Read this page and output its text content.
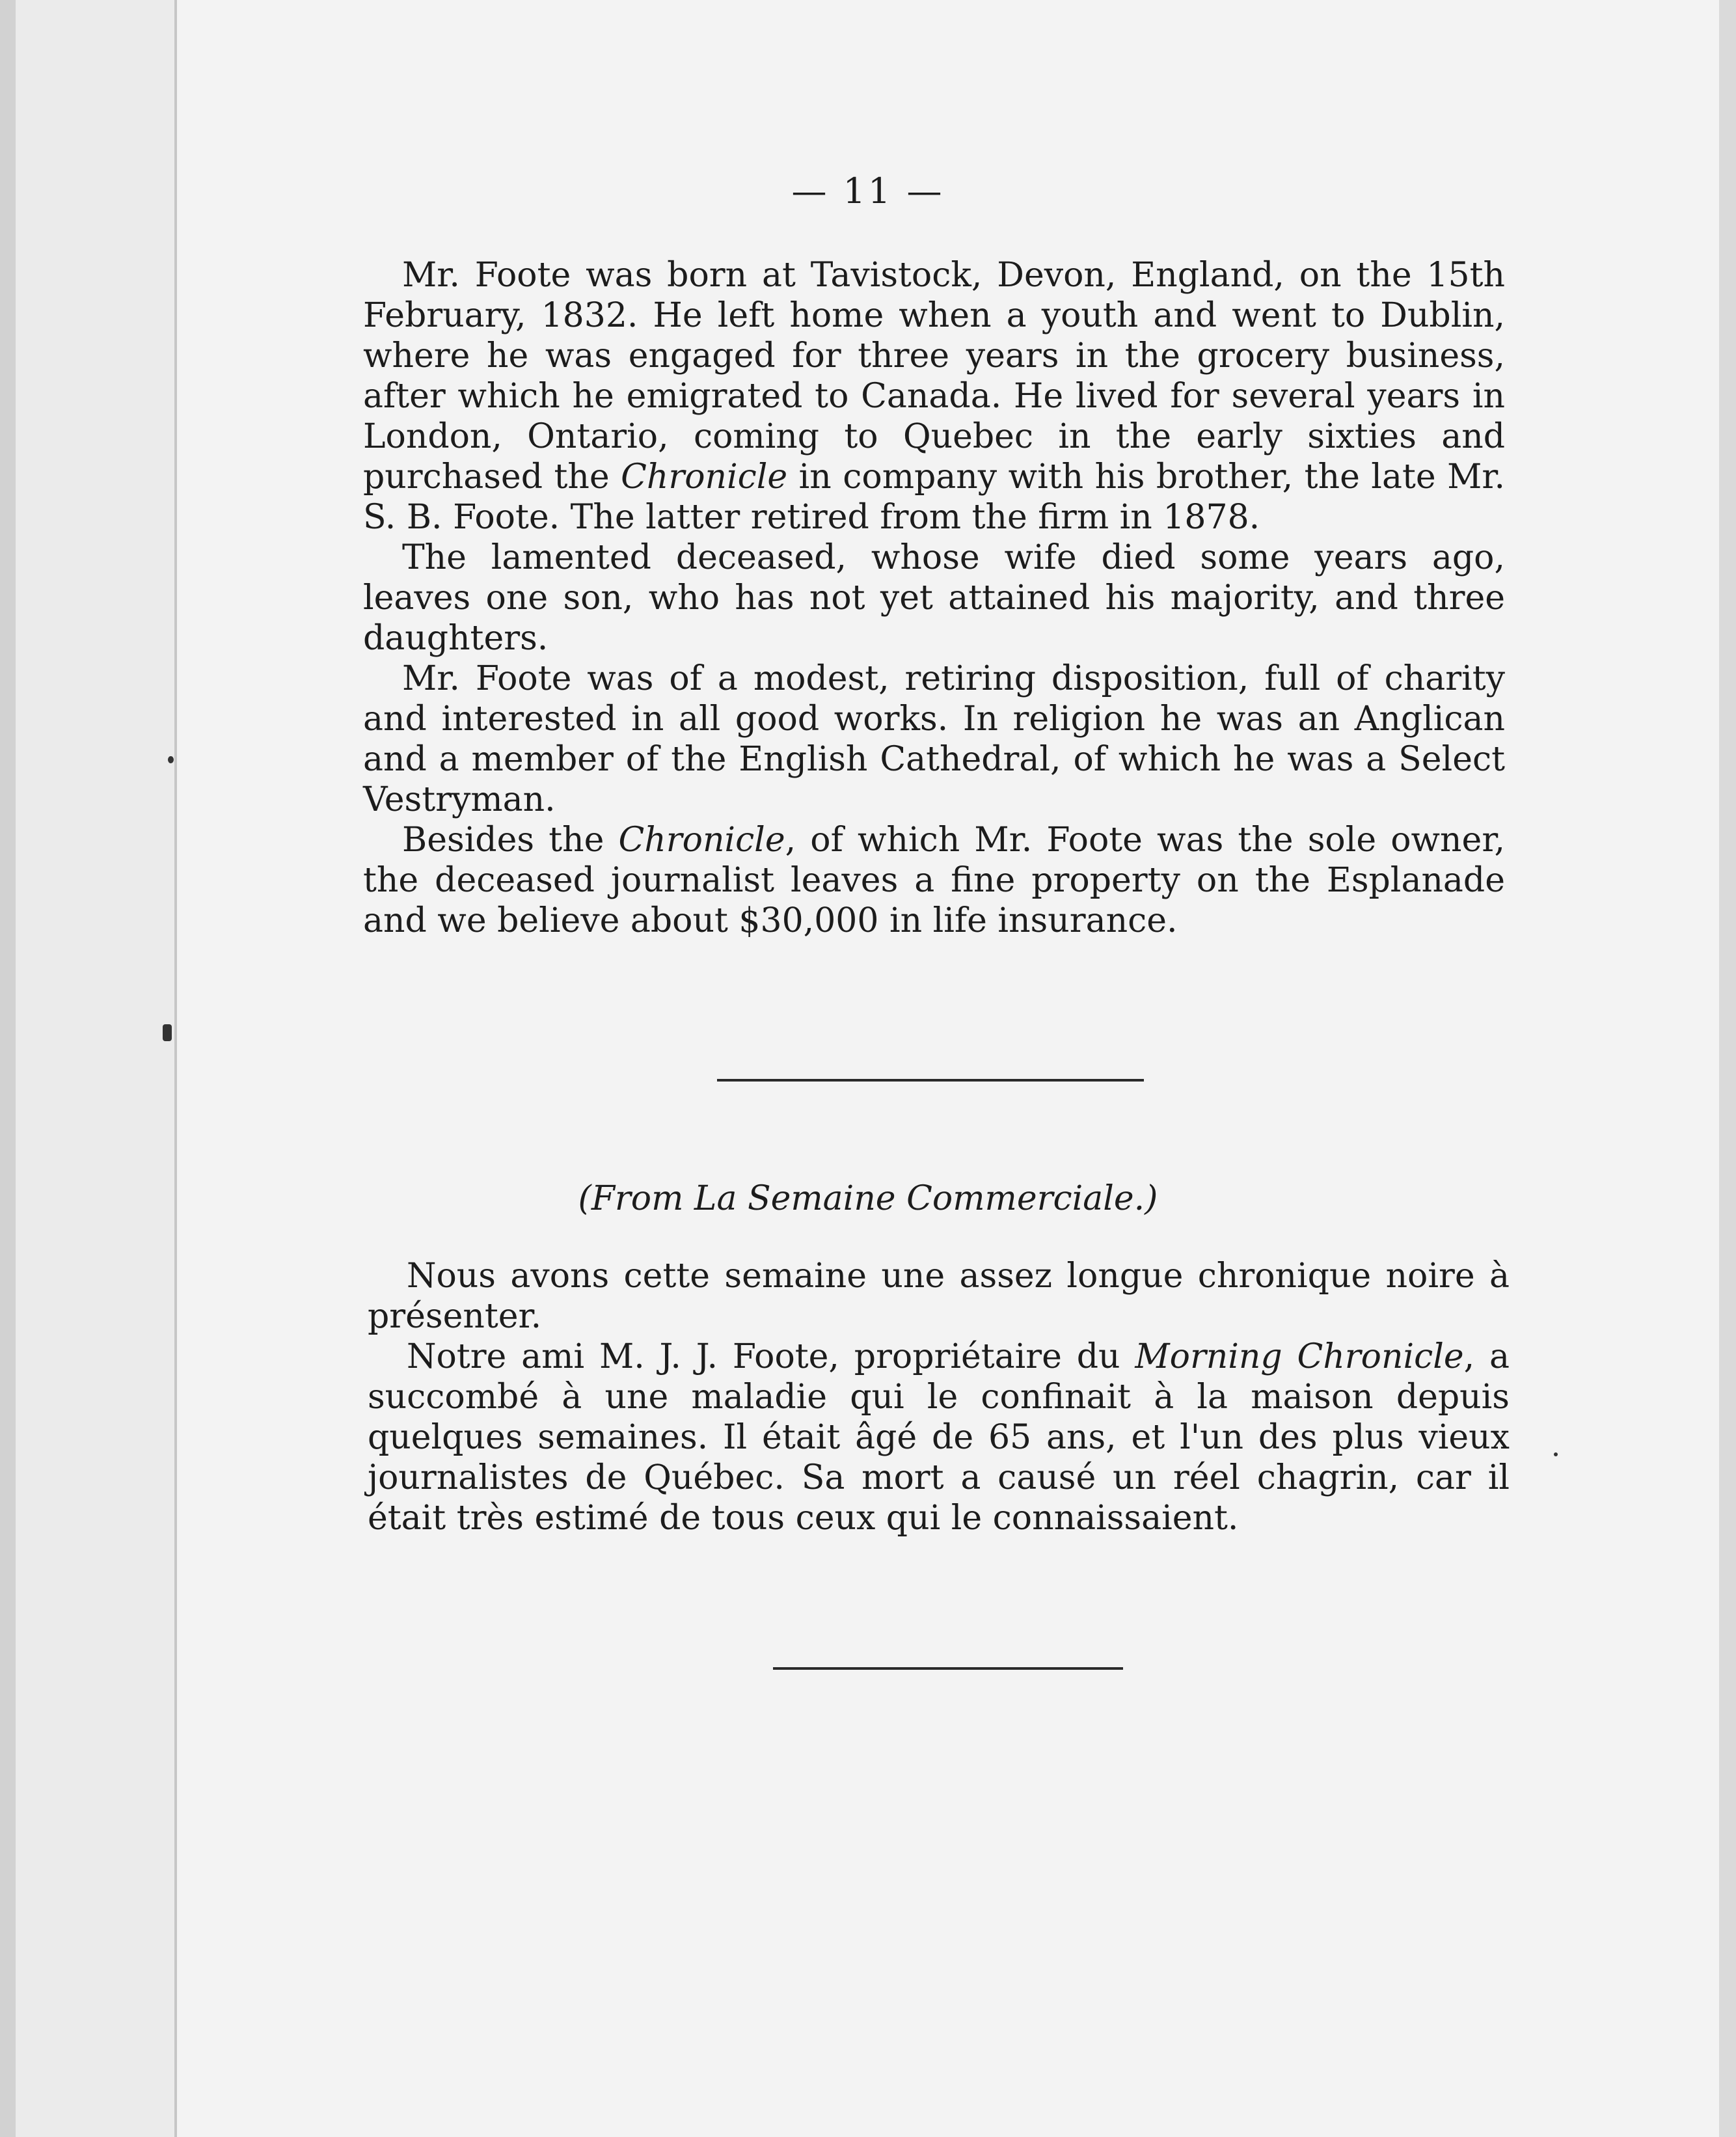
— 11 —

Mr. Foote was born at Tavistock, Devon, England, on the 15th February, 1832. He left home when a youth and went to Dublin, where he was engaged for three years in the grocery business, after which he emigrated to Canada. He lived for several years in London, Ontario, coming to Quebec in the early sixties and purchased the Chronicle in company with his brother, the late Mr. S. B. Foote. The latter retired from the firm in 1878.

The lamented deceased, whose wife died some years ago, leaves one son, who has not yet attained his majority, and three daughters.

Mr. Foote was of a modest, retiring disposition, full of charity and interested in all good works. In religion he was an Anglican and a member of the English Cathedral, of which he was a Select Vestryman.

Besides the Chronicle, of which Mr. Foote was the sole owner, the deceased journalist leaves a fine property on the Esplanade and we believe about $30,000 in life insurance.

(From La Semaine Commerciale.)

Nous avons cette semaine une assez longue chronique noire à présenter.

Notre ami M. J. J. Foote, propriétaire du Morning Chronicle, a succombé à une maladie qui le confinait à la maison depuis quelques semaines. Il était âgé de 65 ans, et l'un des plus vieux journalistes de Québec. Sa mort a causé un réel chagrin, car il était très estimé de tous ceux qui le connaissaient.
